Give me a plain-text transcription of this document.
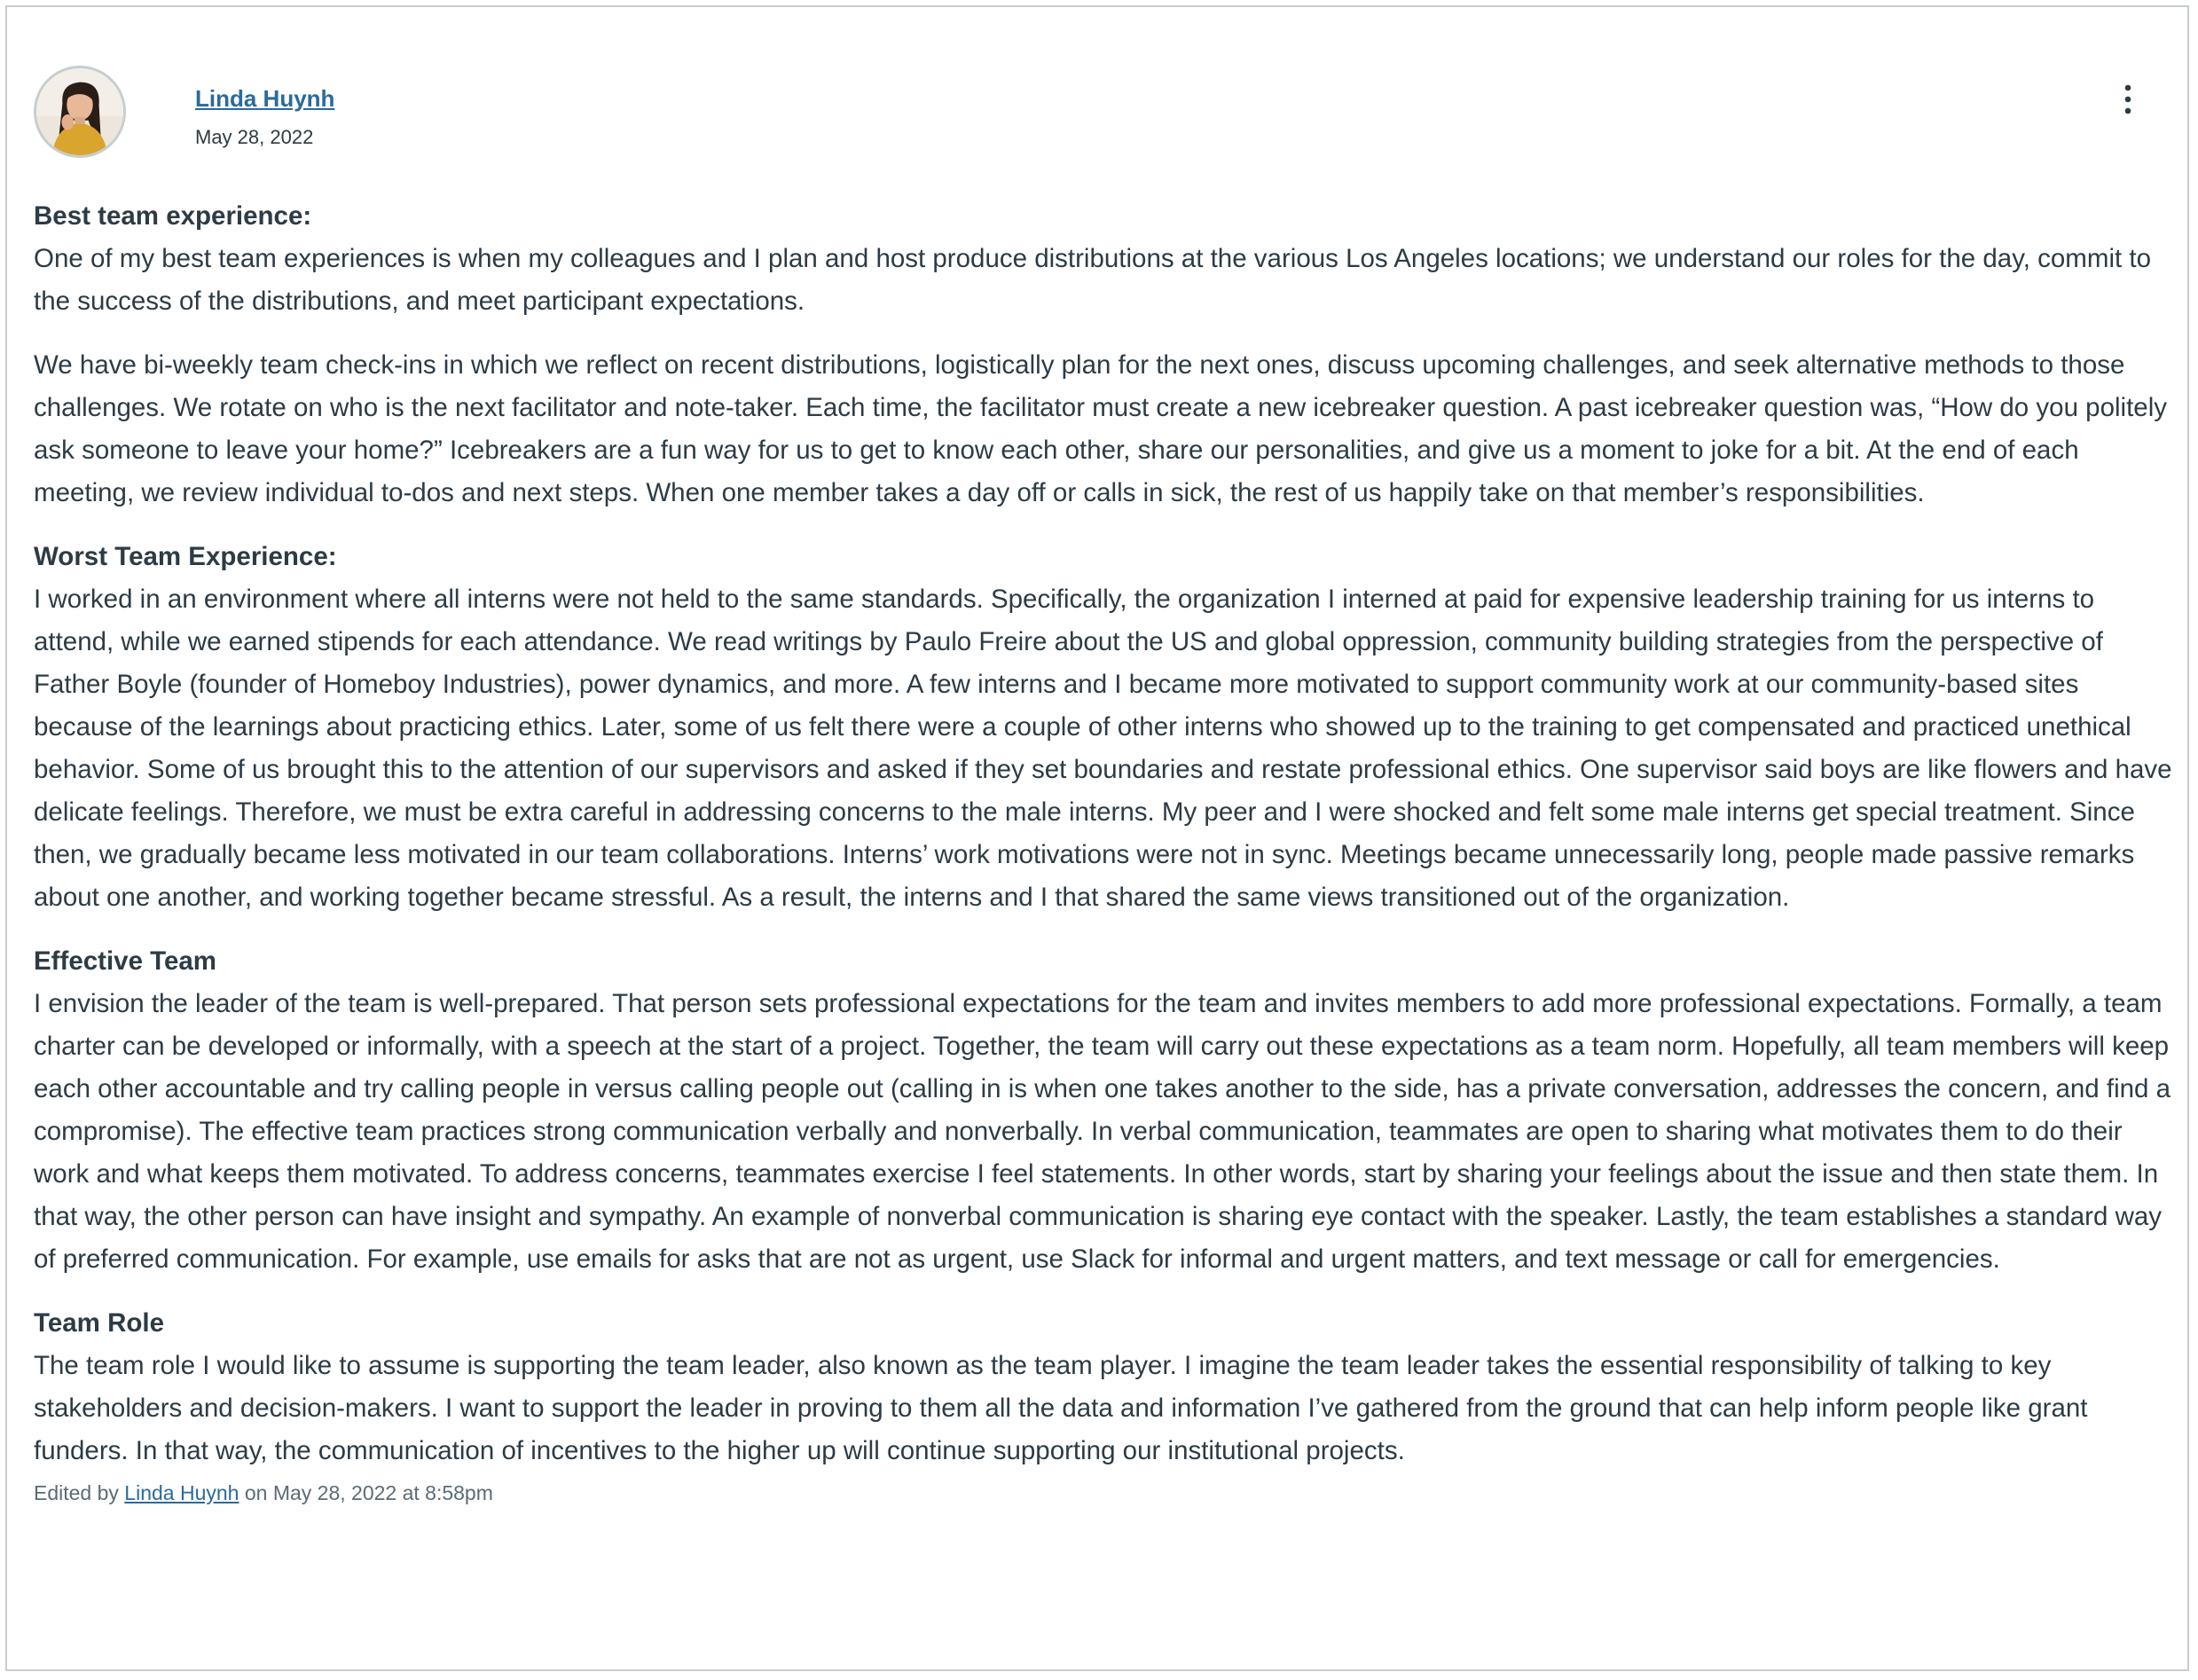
Linda Huynh
May 28, 2022
Best team experience:

One of my best team experiences is when my colleagues and I plan and host produce distributions at the various Los Angeles locations; we understand our roles for the day, commit to the success of the distributions, and meet participant expectations.

We have bi-weekly team check-ins in which we reflect on recent distributions, logistically plan for the next ones, discuss upcoming challenges, and seek alternative methods to those challenges. We rotate on who is the next facilitator and note-taker. Each time, the facilitator must create a new icebreaker question. A past icebreaker question was, “How do you politely ask someone to leave your home?” Icebreakers are a fun way for us to get to know each other, share our personalities, and give us a moment to joke for a bit. At the end of each meeting, we review individual to-dos and next steps. When one member takes a day off or calls in sick, the rest of us happily take on that member’s responsibilities.

Worst Team Experience:

I worked in an environment where all interns were not held to the same standards. Specifically, the organization I interned at paid for expensive leadership training for us interns to attend, while we earned stipends for each attendance. We read writings by Paulo Freire about the US and global oppression, community building strategies from the perspective of Father Boyle (founder of Homeboy Industries), power dynamics, and more. A few interns and I became more motivated to support community work at our community-based sites because of the learnings about practicing ethics. Later, some of us felt there were a couple of other interns who showed up to the training to get compensated and practiced unethical behavior. Some of us brought this to the attention of our supervisors and asked if they set boundaries and restate professional ethics. One supervisor said boys are like flowers and have delicate feelings. Therefore, we must be extra careful in addressing concerns to the male interns. My peer and I were shocked and felt some male interns get special treatment. Since then, we gradually became less motivated in our team collaborations. Interns’ work motivations were not in sync. Meetings became unnecessarily long, people made passive remarks about one another, and working together became stressful. As a result, the interns and I that shared the same views transitioned out of the organization.

Effective Team

I envision the leader of the team is well-prepared. That person sets professional expectations for the team and invites members to add more professional expectations. Formally, a team charter can be developed or informally, with a speech at the start of a project. Together, the team will carry out these expectations as a team norm. Hopefully, all team members will keep each other accountable and try calling people in versus calling people out (calling in is when one takes another to the side, has a private conversation, addresses the concern, and find a compromise). The effective team practices strong communication verbally and nonverbally. In verbal communication, teammates are open to sharing what motivates them to do their work and what keeps them motivated. To address concerns, teammates exercise I feel statements. In other words, start by sharing your feelings about the issue and then state them. In that way, the other person can have insight and sympathy. An example of nonverbal communication is sharing eye contact with the speaker. Lastly, the team establishes a standard way of preferred communication. For example, use emails for asks that are not as urgent, use Slack for informal and urgent matters, and text message or call for emergencies.

Team Role

The team role I would like to assume is supporting the team leader, also known as the team player. I imagine the team leader takes the essential responsibility of talking to key stakeholders and decision-makers. I want to support the leader in proving to them all the data and information I’ve gathered from the ground that can help inform people like grant funders. In that way, the communication of incentives to the higher up will continue supporting our institutional projects.

Edited by Linda Huynh on May 28, 2022 at 8:58pm
